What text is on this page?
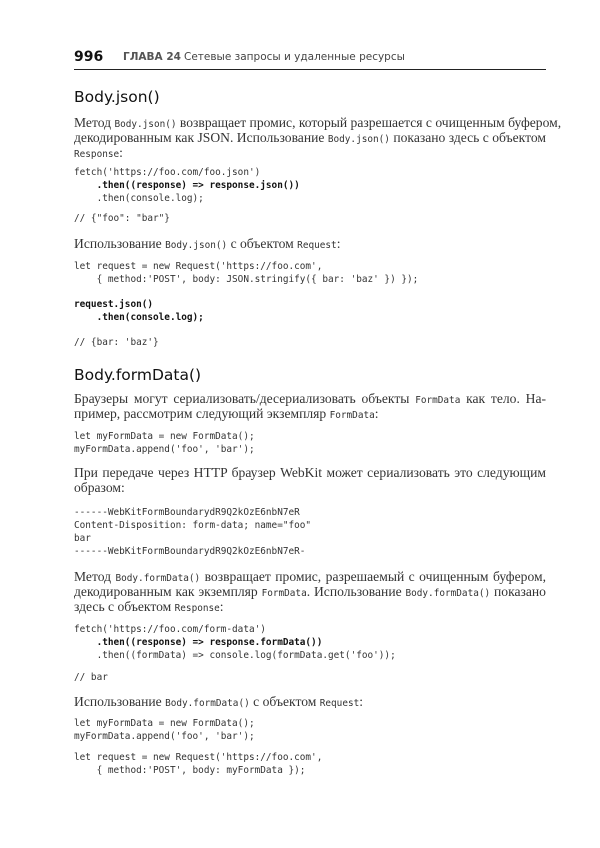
996 ГЛАВА 24 Сетевые запросы и удаленные ресурсы
Body.json()
Метод Body.json() возвращает промис, который разрешается с очищенным буфером,
декодированным как JSON. Использование Body.json() показано здесь с объектом
Response:
fetch('https://foo.com/foo.json')
.then((response) => response.json())
.then(console.log);
// {"foo": "bar"}
Использование Body.json() с объектом Request:
let request = new Request('https://foo.com',
{ method:'POST', body: JSON.stringify({ bar: 'baz' }) });
request.json()
.then(console.log);
// {bar: 'baz'}
Body.formData()
Браузеры могут сериализовать/десериализовать объекты FormData как тело. На-
пример, рассмотрим следующий экземпляр FormData:
let myFormData = new FormData();
myFormData.append('foo', 'bar');
При передаче через HTTP браузер WebKit может сериализовать это следующим
образом:
------WebKitFormBoundarydR9Q2kOzE6nbN7eR
Content-Disposition: form-data; name="foo"
bar
------WebKitFormBoundarydR9Q2kOzE6nbN7eR-
Метод Body.formData() возвращает промис, разрешаемый с очищенным буфером,
декодированным как экземпляр FormData. Использование Body.formData() показано
здесь с объектом Response:
fetch('https://foo.com/form-data')
.then((response) => response.formData())
.then((formData) => console.log(formData.get('foo'));
// bar
Использование Body.formData() с объектом Request:
let myFormData = new FormData();
myFormData.append('foo', 'bar');
let request = new Request('https://foo.com',
{ method:'POST', body: myFormData });
